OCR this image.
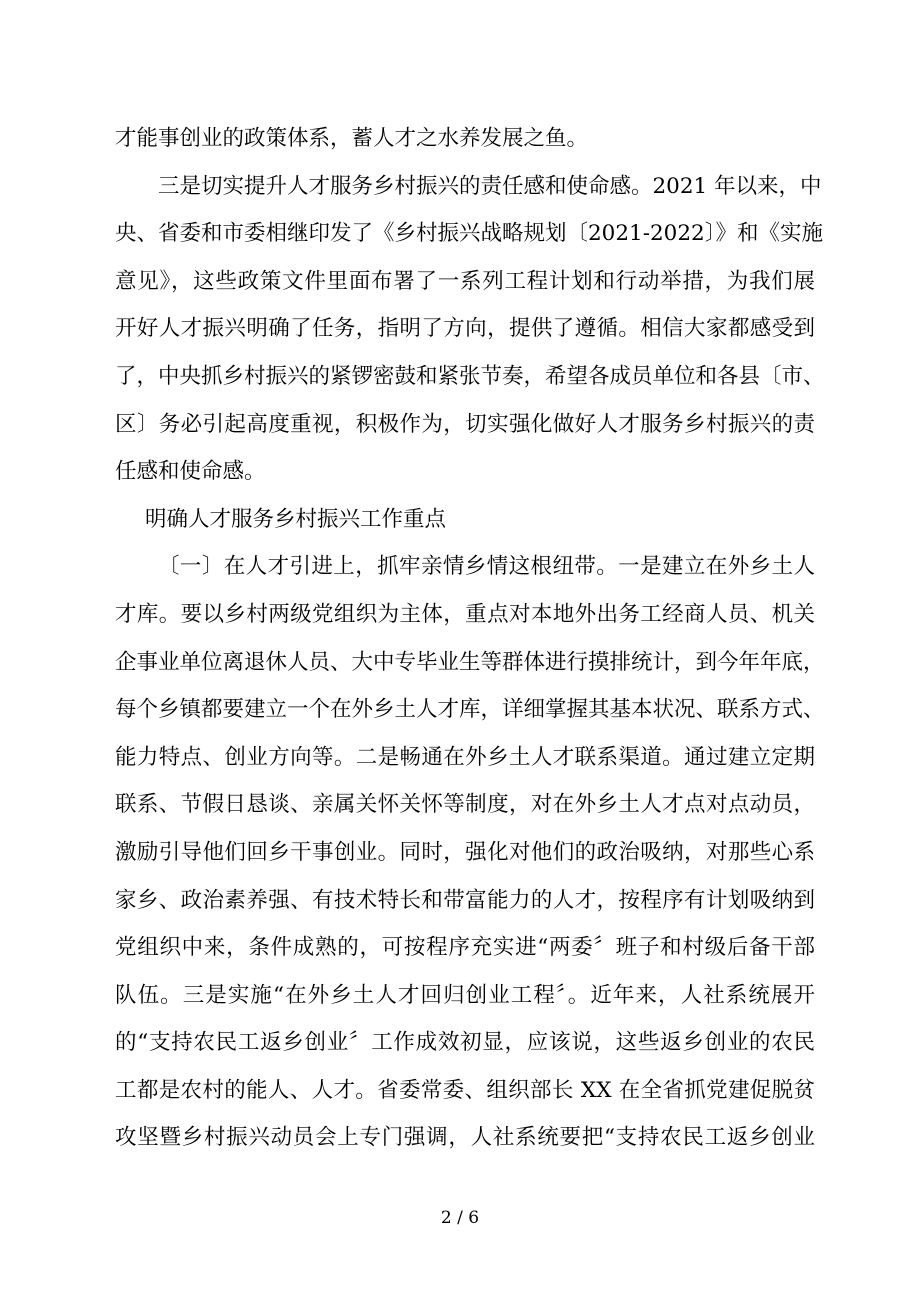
才能事创业的政策体系，蓄人才之水养发展之鱼。
三是切实提升人才服务乡村振兴的责任感和使命感。2021 年以来，中
央、省委和市委相继印发了《乡村振兴战略规划〔2021-2022〕》和《实施
意见》，这些政策文件里面布署了一系列工程计划和行动举措，为我们展
开好人才振兴明确了任务，指明了方向，提供了遵循。相信大家都感受到
了，中央抓乡村振兴的紧锣密鼓和紧张节奏，希望各成员单位和各县〔市、
区〕务必引起高度重视，积极作为，切实强化做好人才服务乡村振兴的责
任感和使命感。
明确人才服务乡村振兴工作重点
〔一〕在人才引进上，抓牢亲情乡情这根纽带。一是建立在外乡土人
才库。要以乡村两级党组织为主体，重点对本地外出务工经商人员、机关
企事业单位离退休人员、大中专毕业生等群体进行摸排统计，到今年年底，
每个乡镇都要建立一个在外乡土人才库，详细掌握其基本状况、联系方式、
能力特点、创业方向等。二是畅通在外乡土人才联系渠道。通过建立定期
联系、节假日恳谈、亲属关怀关怀等制度，对在外乡土人才点对点动员，
激励引导他们回乡干事创业。同时，强化对他们的政治吸纳，对那些心系
家乡、政治素养强、有技术特长和带富能力的人才，按程序有计划吸纳到
党组织中来，条件成熟的，可按程序充实进“两委〞班子和村级后备干部
队伍。三是实施“在外乡土人才回归创业工程〞。近年来，人社系统展开
的“支持农民工返乡创业〞工作成效初显，应该说，这些返乡创业的农民
工都是农村的能人、人才。省委常委、组织部长 XX 在全省抓党建促脱贫
攻坚暨乡村振兴动员会上专门强调，人社系统要把“支持农民工返乡创业
2 / 6
